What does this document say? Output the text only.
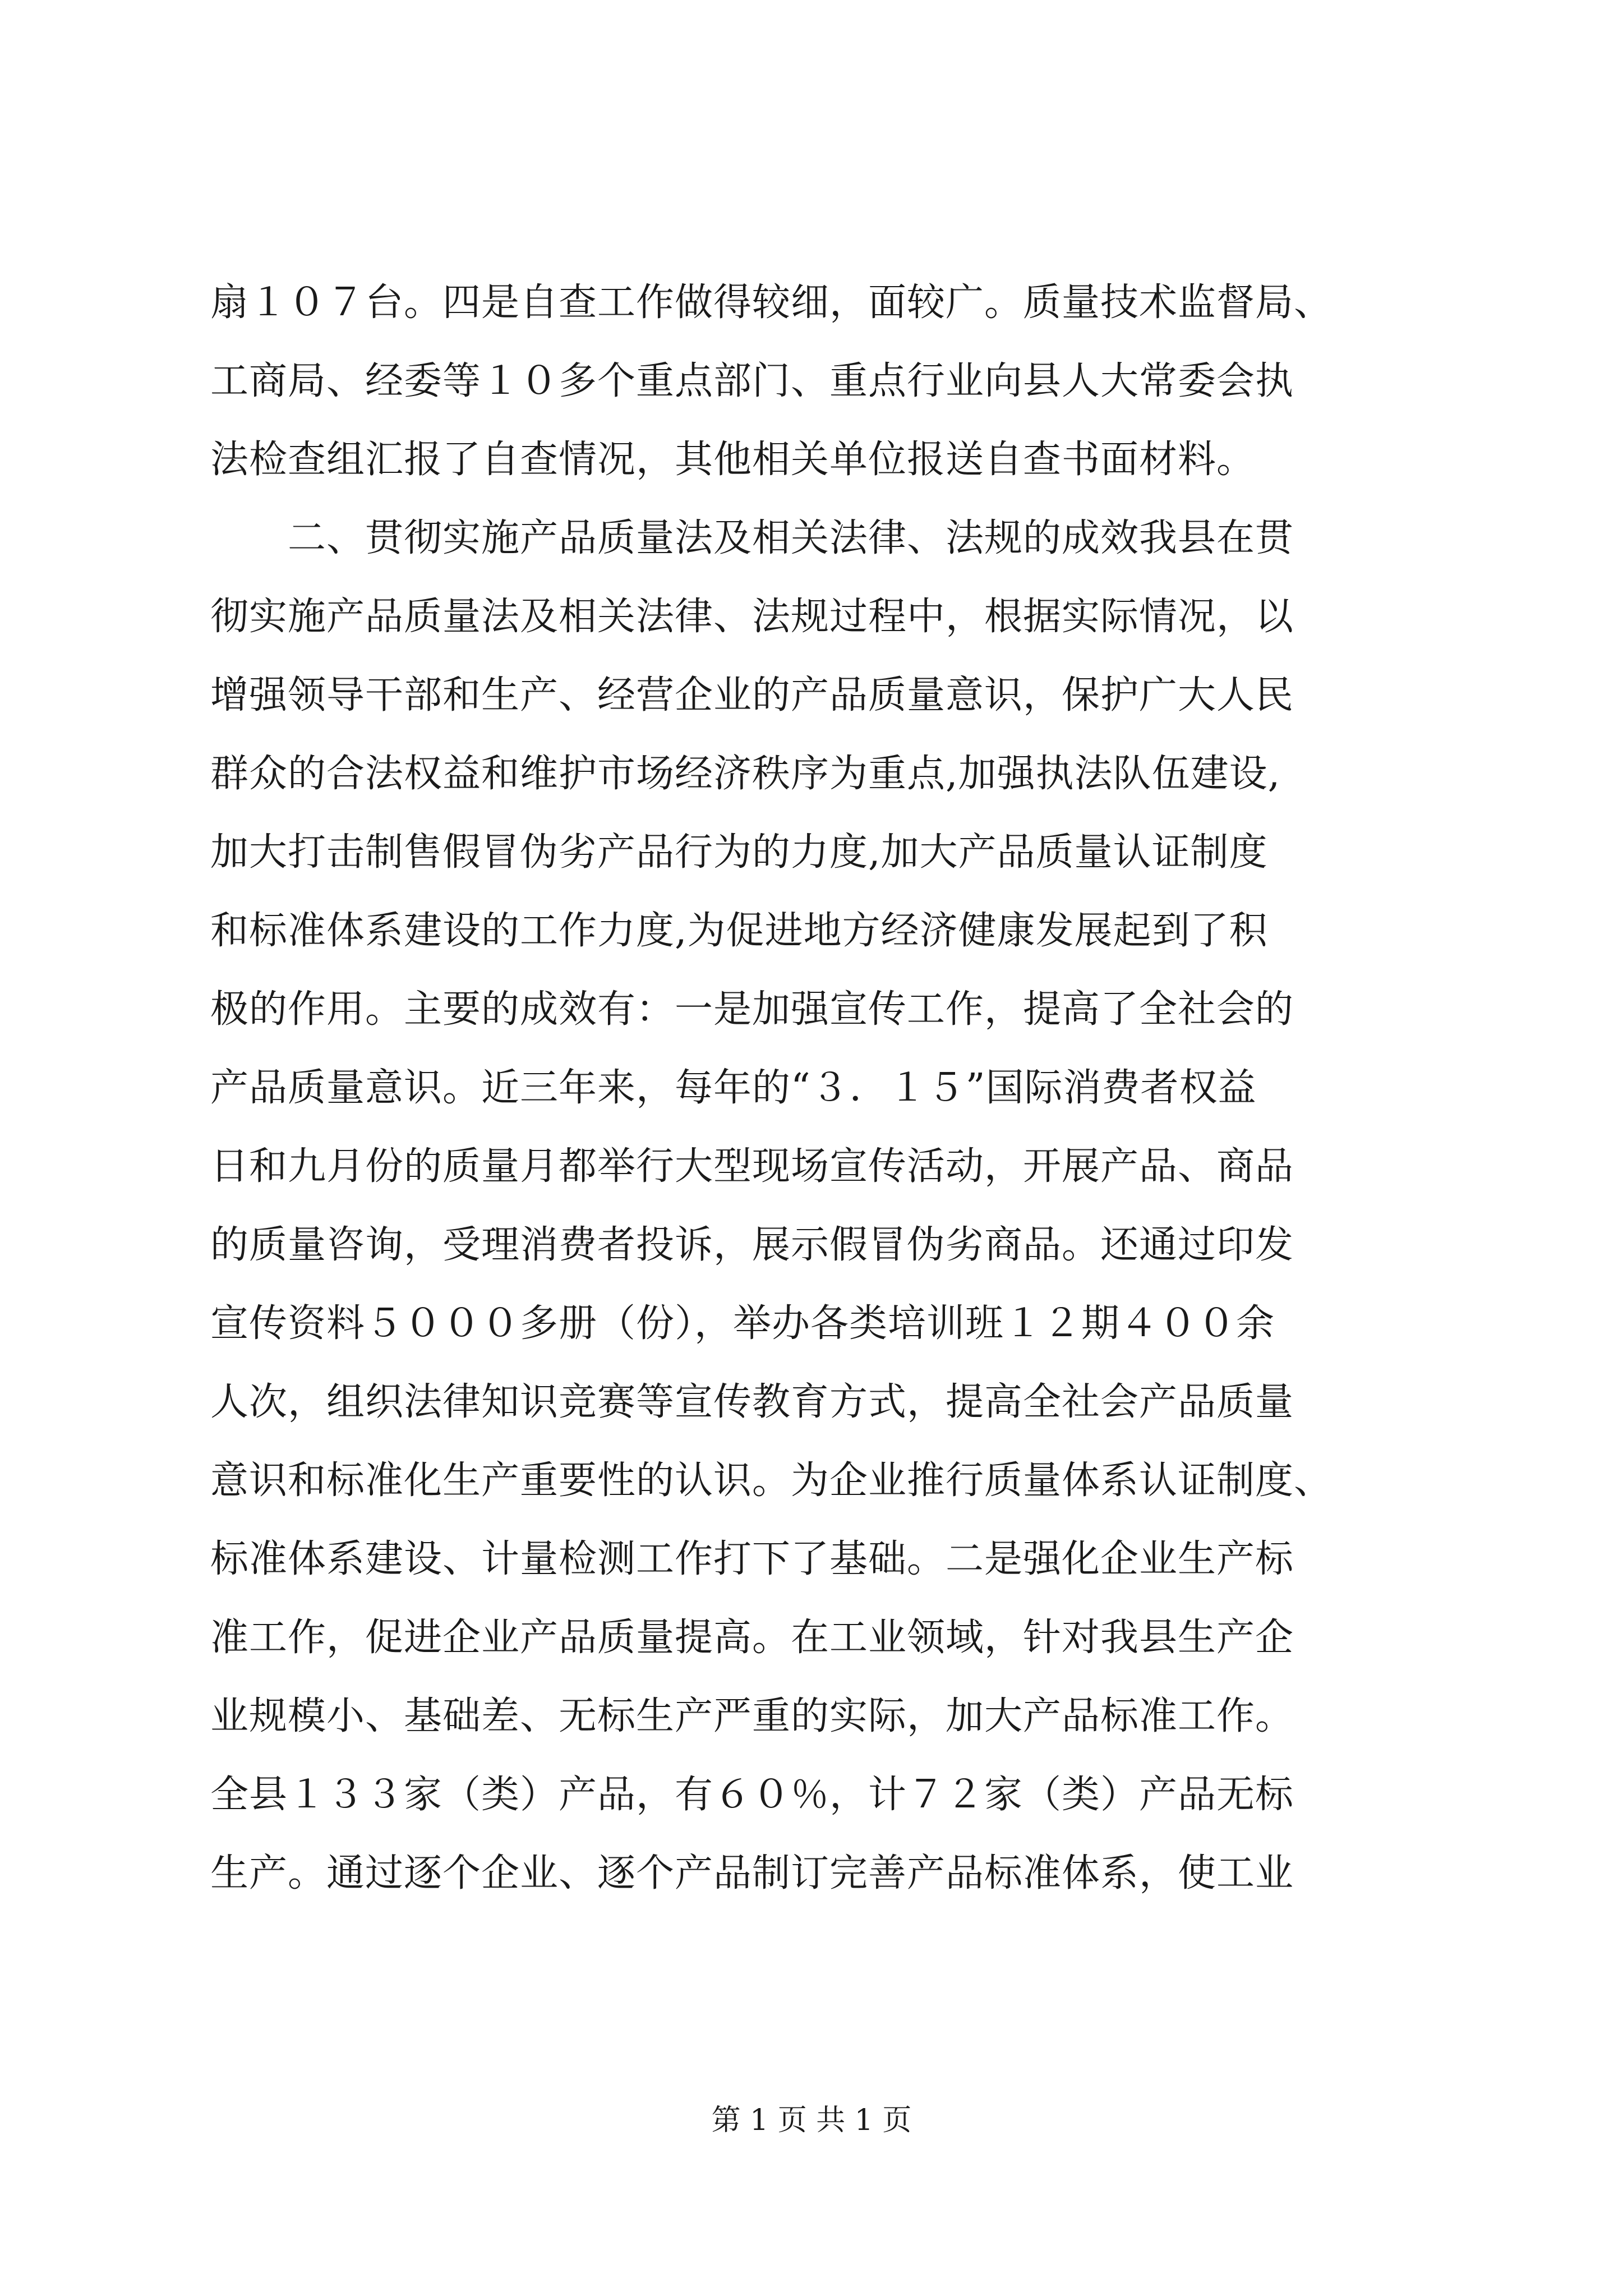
扇１０７台。四是自查工作做得较细，面较广。质量技术监督局、
工商局、经委等１０多个重点部门、重点行业向县人大常委会执
法检查组汇报了自查情况，其他相关单位报送自查书面材料。
　　二、贯彻实施产品质量法及相关法律、法规的成效我县在贯
彻实施产品质量法及相关法律、法规过程中，根据实际情况，以
增强领导干部和生产、经营企业的产品质量意识，保护广大人民
群众的合法权益和维护市场经济秩序为重点,加强执法队伍建设,
加大打击制售假冒伪劣产品行为的力度,加大产品质量认证制度
和标准体系建设的工作力度,为促进地方经济健康发展起到了积
极的作用。主要的成效有：一是加强宣传工作，提高了全社会的
产品质量意识。近三年来，每年的“３．１５”国际消费者权益
日和九月份的质量月都举行大型现场宣传活动，开展产品、商品
的质量咨询，受理消费者投诉，展示假冒伪劣商品。还通过印发
宣传资料５０００多册（份），举办各类培训班１２期４００余
人次，组织法律知识竞赛等宣传教育方式，提高全社会产品质量
意识和标准化生产重要性的认识。为企业推行质量体系认证制度、
标准体系建设、计量检测工作打下了基础。二是强化企业生产标
准工作，促进企业产品质量提高。在工业领域，针对我县生产企
业规模小、基础差、无标生产严重的实际，加大产品标准工作。
全县１３３家（类）产品，有６０％，计７２家（类）产品无标
生产。通过逐个企业、逐个产品制订完善产品标准体系，使工业
第 1 页 共 1 页
